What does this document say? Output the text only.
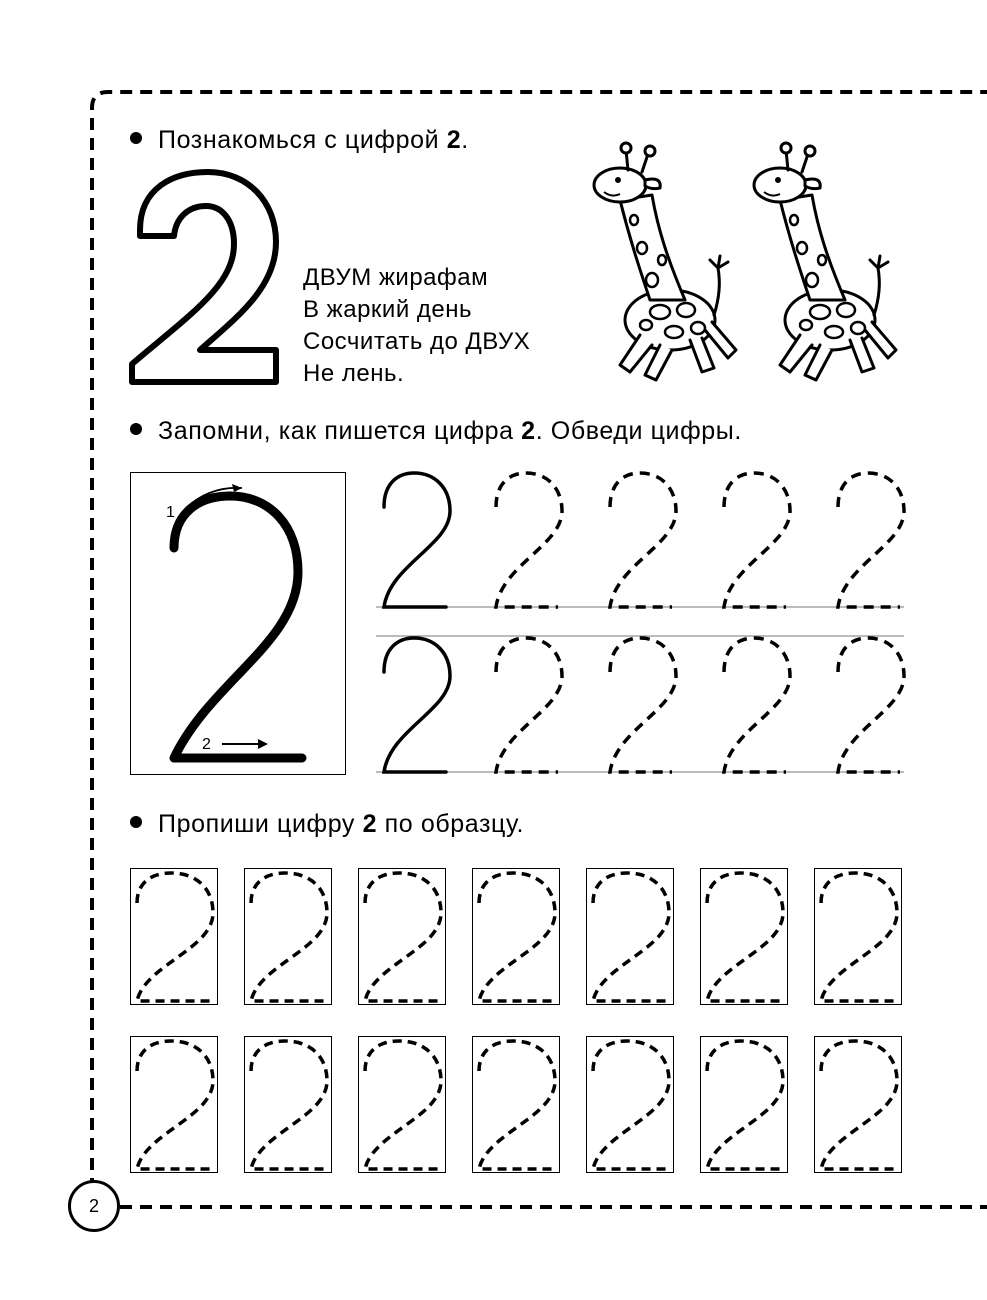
Познакомься с цифрой 2.
ДВУМ жирафам
В жаркий день
Сосчитать до ДВУХ
Не лень.
Запомни, как пишется цифра 2. Обведи цифры.
1
2
Пропиши цифру 2 по образцу.
2
